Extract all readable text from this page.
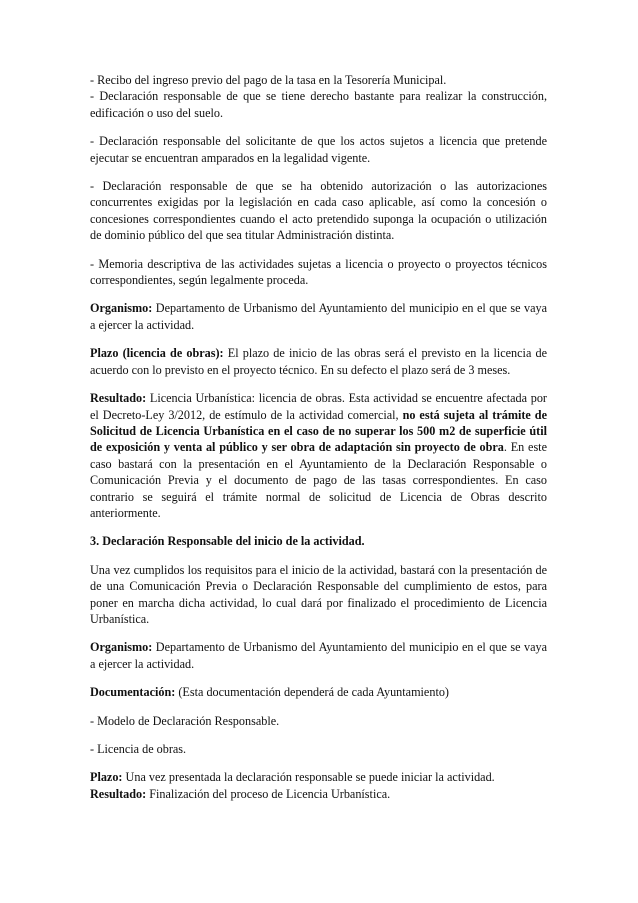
- Recibo del ingreso previo del pago de la tasa en la Tesorería Municipal.

- Declaración responsable de que se tiene derecho bastante para realizar la construcción, edificación o uso del suelo.

- Declaración responsable del solicitante de que los actos sujetos a licencia que pretende ejecutar se encuentran amparados en la legalidad vigente.

- Declaración responsable de que se ha obtenido autorización o las autorizaciones concurrentes exigidas por la legislación en cada caso aplicable, así como la concesión o concesiones correspondientes cuando el acto pretendido suponga la ocupación o utilización de dominio público del que sea titular Administración distinta.

- Memoria descriptiva de las actividades sujetas a licencia o proyecto o proyectos técnicos correspondientes, según legalmente proceda.

Organismo: Departamento de Urbanismo del Ayuntamiento del municipio en el que se vaya a ejercer la actividad.

Plazo (licencia de obras): El plazo de inicio de las obras será el previsto en la licencia de acuerdo con lo previsto en el proyecto técnico. En su defecto el plazo será de 3 meses.

Resultado: Licencia Urbanística: licencia de obras. Esta actividad se encuentre afectada por el Decreto-Ley 3/2012, de estímulo de la actividad comercial, no está sujeta al trámite de Solicitud de Licencia Urbanística en el caso de no superar los 500 m2 de superficie útil de exposición y venta al público y ser obra de adaptación sin proyecto de obra. En este caso bastará con la presentación en el Ayuntamiento de la Declaración Responsable o Comunicación Previa y el documento de pago de las tasas correspondientes. En caso contrario se seguirá el trámite normal de solicitud de Licencia de Obras descrito anteriormente.

3. Declaración Responsable del inicio de la actividad.

Una vez cumplidos los requisitos para el inicio de la actividad, bastará con la presentación de de una Comunicación Previa o Declaración Responsable del cumplimiento de estos, para poner en marcha dicha actividad, lo cual dará por finalizado el procedimiento de Licencia Urbanística.

Organismo: Departamento de Urbanismo del Ayuntamiento del municipio en el que se vaya a ejercer la actividad.

Documentación: (Esta documentación dependerá de cada Ayuntamiento)

- Modelo de Declaración Responsable.

- Licencia de obras.

Plazo: Una vez presentada la declaración responsable se puede iniciar la actividad.

Resultado: Finalización del proceso de Licencia Urbanística.
